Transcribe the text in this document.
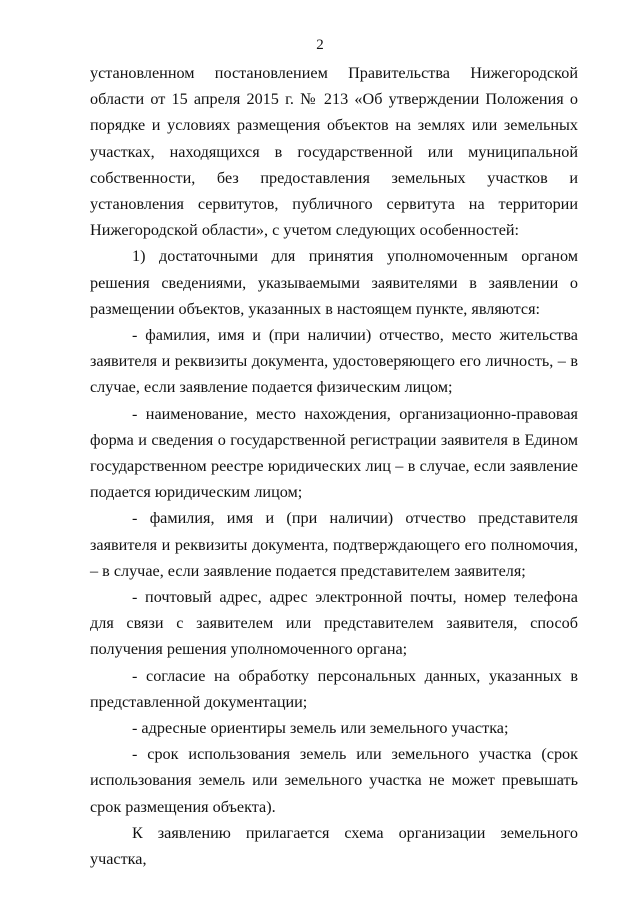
2

установленном постановлением Правительства Нижегородской области от 15 апреля 2015 г. № 213 «Об утверждении Положения о порядке и условиях размещения объектов на землях или земельных участках, находящихся в государственной или муниципальной собственности, без предоставления земельных участков и установления сервитутов, публичного сервитута на территории Нижегородской области», с учетом следующих особенностей:

1) достаточными для принятия уполномоченным органом решения сведениями, указываемыми заявителями в заявлении о размещении объектов, указанных в настоящем пункте, являются:

- фамилия, имя и (при наличии) отчество, место жительства заявителя и реквизиты документа, удостоверяющего его личность, – в случае, если заявление подается физическим лицом;

- наименование, место нахождения, организационно-правовая форма и сведения о государственной регистрации заявителя в Едином государственном реестре юридических лиц – в случае, если заявление подается юридическим лицом;

- фамилия, имя и (при наличии) отчество представителя заявителя и реквизиты документа, подтверждающего его полномочия, – в случае, если заявление подается представителем заявителя;

- почтовый адрес, адрес электронной почты, номер телефона для связи с заявителем или представителем заявителя, способ получения решения уполномоченного органа;

- согласие на обработку персональных данных, указанных в представленной документации;

- адресные ориентиры земель или земельного участка;

- срок использования земель или земельного участка (срок использования земель или земельного участка не может превышать срок размещения объекта).

К заявлению прилагается схема организации земельного участка,
